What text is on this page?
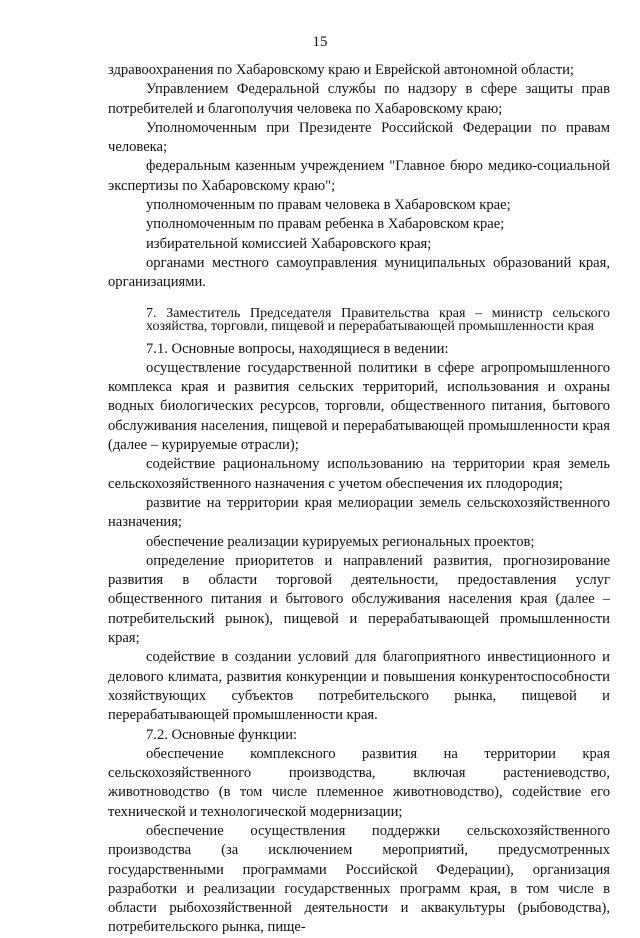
15

здравоохранения по Хабаровскому краю и Еврейской автономной области;

Управлением Федеральной службы по надзору в сфере защиты прав потребителей и благополучия человека по Хабаровскому краю;

Уполномоченным при Президенте Российской Федерации по правам человека;

федеральным казенным учреждением "Главное бюро медико-социальной экспертизы по Хабаровскому краю";

уполномоченным по правам человека в Хабаровском крае;

уполномоченным по правам ребенка в Хабаровском крае;

избирательной комиссией Хабаровского края;

органами местного самоуправления муниципальных образований края, организациями.

7. Заместитель Председателя Правительства края – министр сельского хозяйства, торговли, пищевой и перерабатывающей промышленности края

7.1. Основные вопросы, находящиеся в ведении:

осуществление государственной политики в сфере агропромышленного комплекса края и развития сельских территорий, использования и охраны водных биологических ресурсов, торговли, общественного питания, бытового обслуживания населения, пищевой и перерабатывающей промышленности края (далее – курируемые отрасли);

содействие рациональному использованию на территории края земель сельскохозяйственного назначения с учетом обеспечения их плодородия;

развитие на территории края мелиорации земель сельскохозяйственного назначения;

обеспечение реализации курируемых региональных проектов;

определение приоритетов и направлений развития, прогнозирование развития в области торговой деятельности, предоставления услуг общественного питания и бытового обслуживания населения края (далее – потребительский рынок), пищевой и перерабатывающей промышленности края;

содействие в создании условий для благоприятного инвестиционного и делового климата, развития конкуренции и повышения конкурентоспособности хозяйствующих субъектов потребительского рынка, пищевой и перерабатывающей промышленности края.

7.2. Основные функции:

обеспечение комплексного развития на территории края сельскохозяйственного производства, включая растениеводство, животноводство (в том числе племенное животноводство), содействие его технической и технологической модернизации;

обеспечение осуществления поддержки сельскохозяйственного производства (за исключением мероприятий, предусмотренных государственными программами Российской Федерации), организация разработки и реализации государственных программ края, в том числе в области рыбохозяйственной деятельности и аквакультуры (рыбоводства), потребительского рынка, пище-
